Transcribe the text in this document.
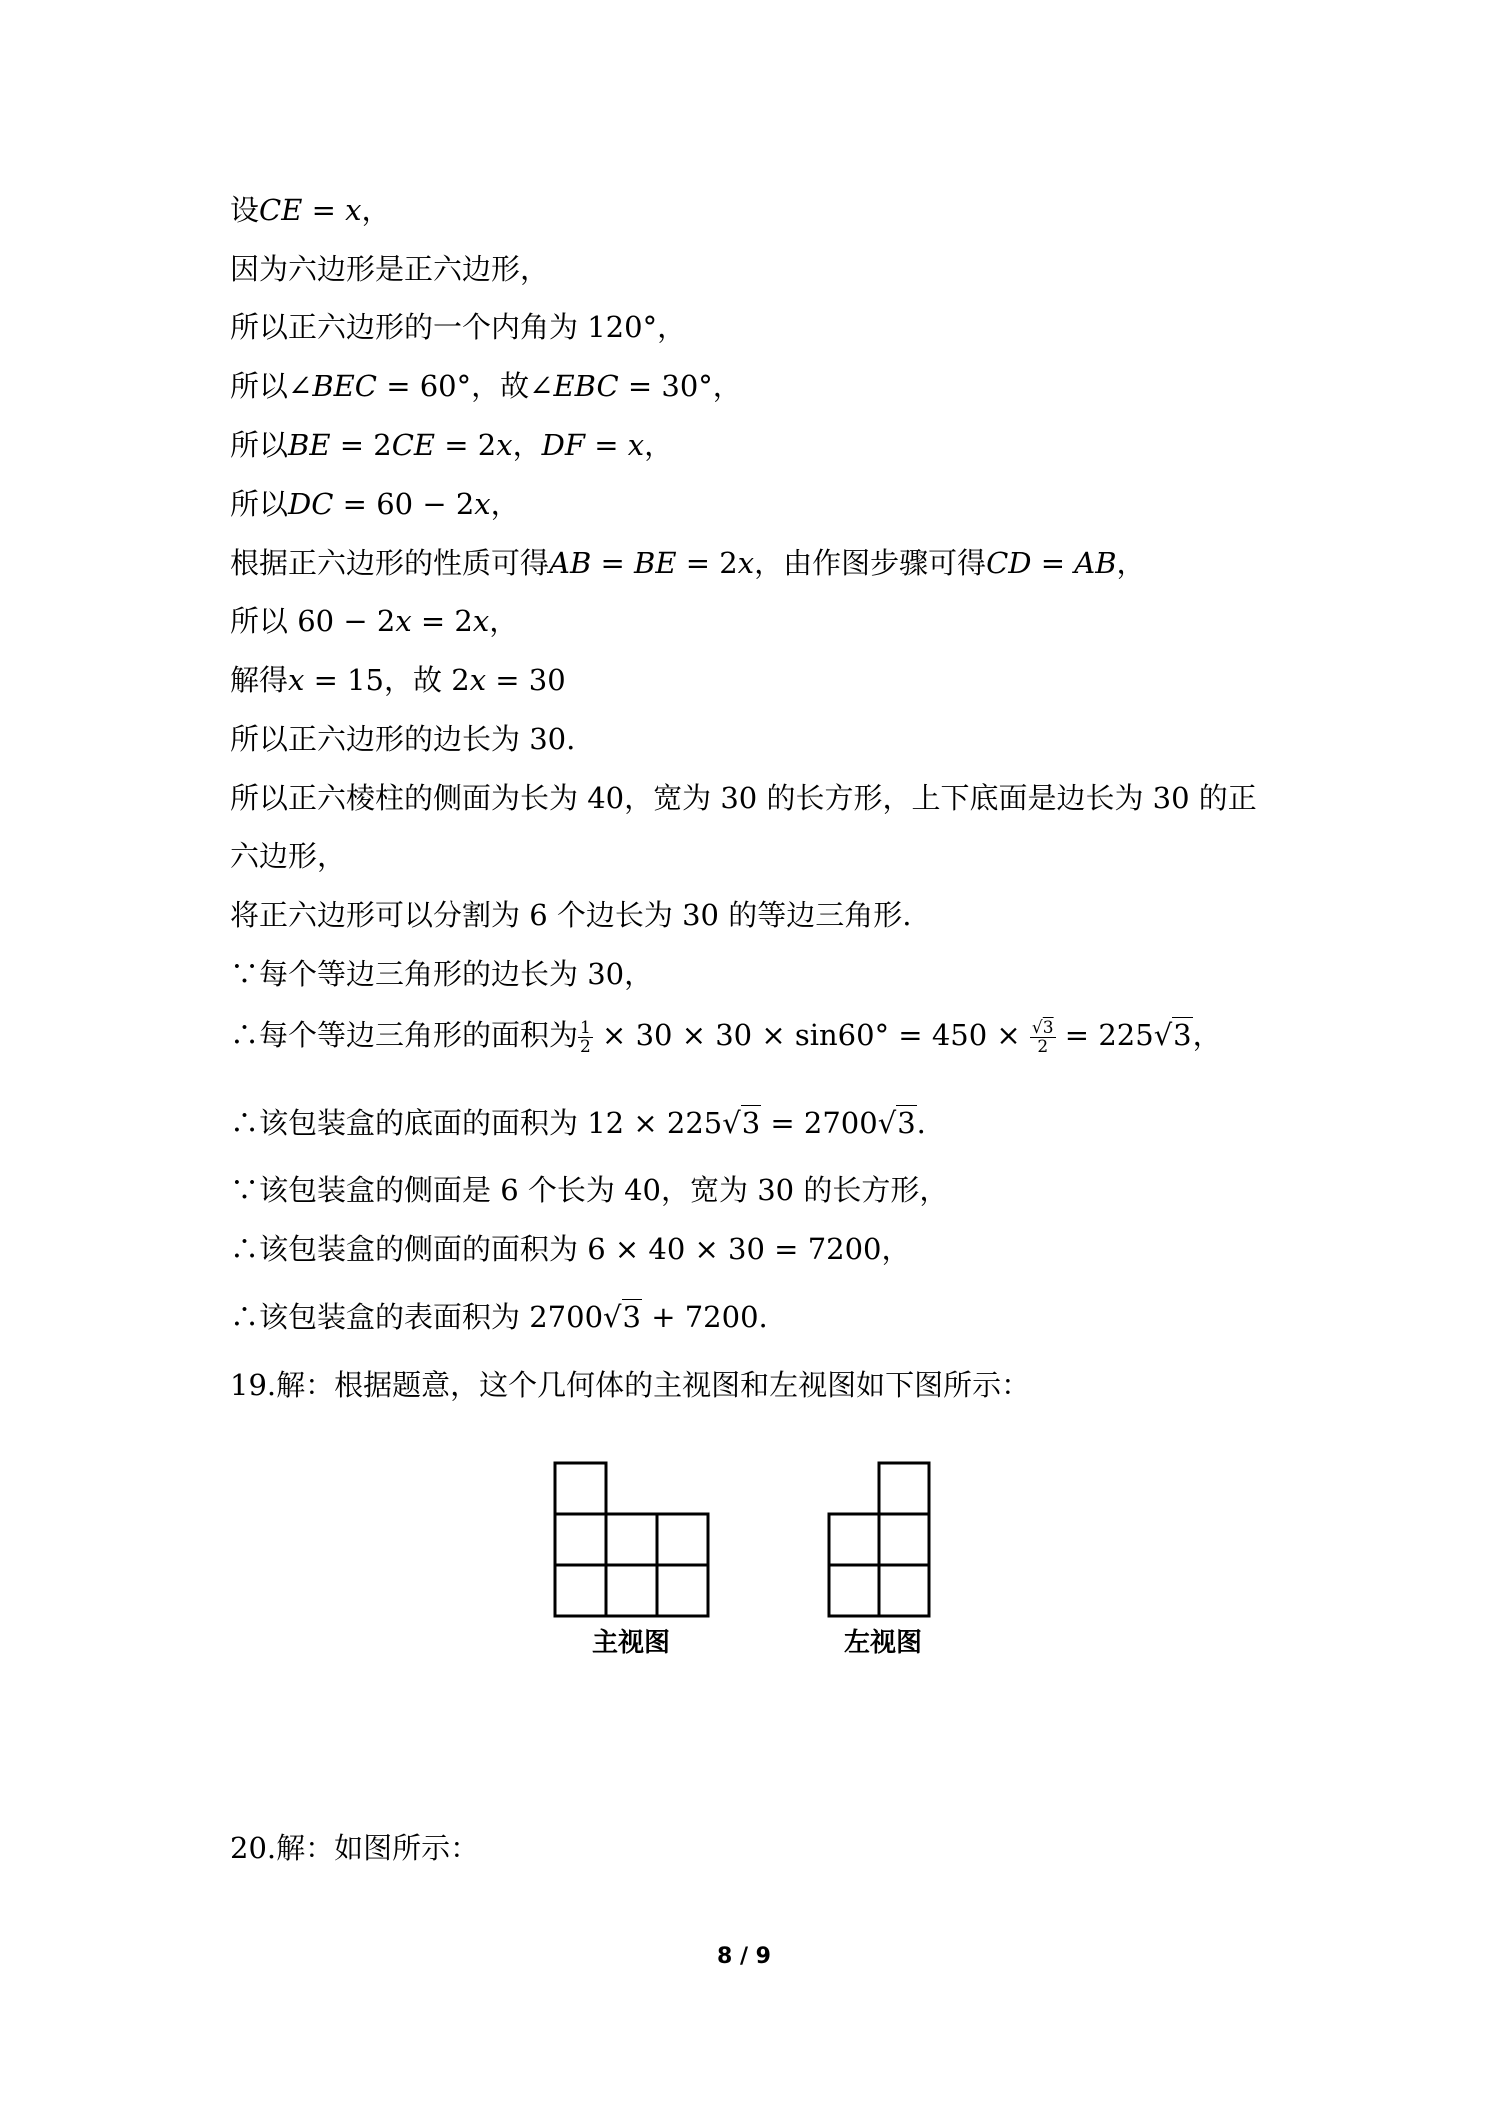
设CE = x，
因为六边形是正六边形，
所以正六边形的一个内角为 120°，
所以∠BEC = 60°，故∠EBC = 30°，
所以BE = 2CE = 2x，DF = x，
所以DC = 60 − 2x，
根据正六边形的性质可得AB = BE = 2x，由作图步骤可得CD = AB，
所以 60 − 2x = 2x，
解得x = 15，故 2x = 30
所以正六边形的边长为 30.
所以正六棱柱的侧面为长为 40，宽为 30 的长方形，上下底面是边长为 30 的正
六边形，
将正六边形可以分割为 6 个边长为 30 的等边三角形.
∵每个等边三角形的边长为 30，
∴每个等边三角形的面积为 $\frac{1}{2} \times 30 \times 30 \times \sin 60^\circ = 450 \times \frac{√3}{2} = 225√3$，
∴该包装盒的底面的面积为 12 × 225√3 = 2700√3.
∵该包装盒的侧面是 6 个长为 40，宽为 30 的长方形，
∴该包装盒的侧面的面积为 6 × 40 × 30 = 7200，
∴该包装盒的表面积为 2700√3 + 7200.
19.解：根据题意，这个几何体的主视图和左视图如下图所示：
主视图	左视图
20.解：如图所示：
8 / 9
